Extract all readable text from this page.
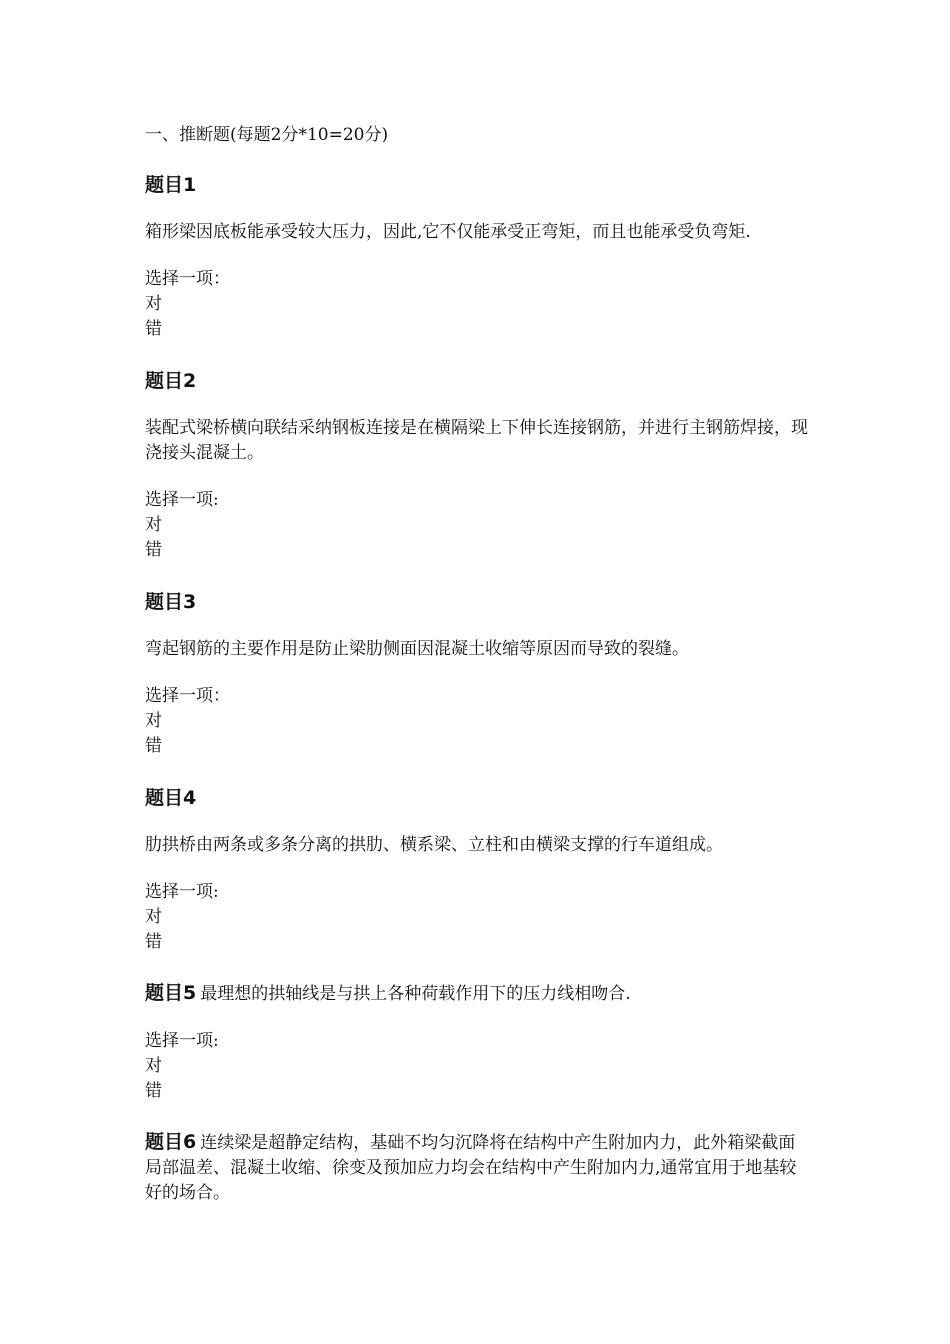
一、推断题(每题2分*10=20分)

题目1

箱形梁因底板能承受较大压力，因此,它不仅能承受正弯矩，而且也能承受负弯矩.

选择一项：
对
错
题目2

装配式梁桥横向联结采纳钢板连接是在横隔梁上下伸长连接钢筋，并进行主钢筋焊接，现浇接头混凝土。

选择一项:
对
错
题目3

弯起钢筋的主要作用是防止梁肋侧面因混凝土收缩等原因而导致的裂缝。

选择一项：
对
错
题目4

肋拱桥由两条或多条分离的拱肋、横系梁、立柱和由横梁支撑的行车道组成。

选择一项:
对
错

题目5 最理想的拱轴线是与拱上各种荷载作用下的压力线相吻合.

选择一项:
对
错

题目6 连续梁是超静定结构，基础不均匀沉降将在结构中产生附加内力，此外箱梁截面局部温差、混凝土收缩、徐变及预加应力均会在结构中产生附加内力,通常宜用于地基较好的场合。
